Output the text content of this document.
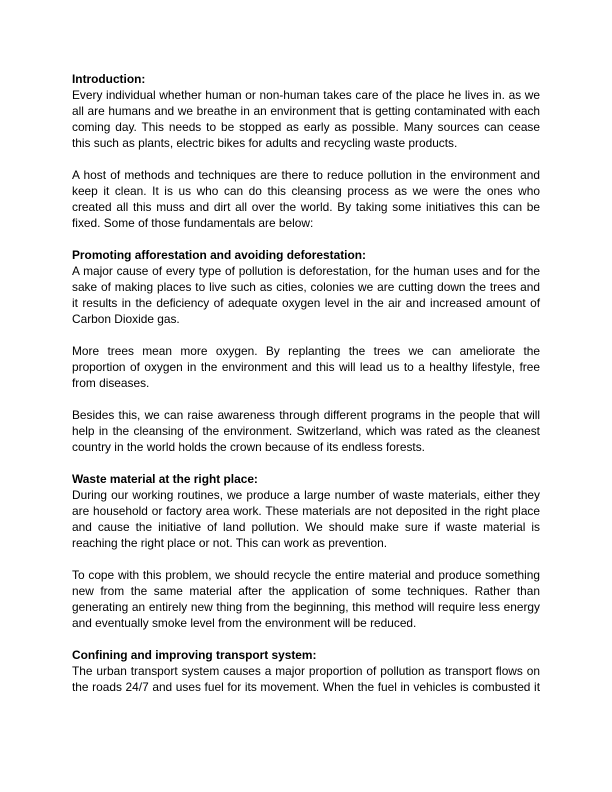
Introduction:
Every individual whether human or non-human takes care of the place he lives in. as we
all are humans and we breathe in an environment that is getting contaminated with each
coming day. This needs to be stopped as early as possible. Many sources can cease
this such as plants, electric bikes for adults and recycling waste products.
A host of methods and techniques are there to reduce pollution in the environment and
keep it clean. It is us who can do this cleansing process as we were the ones who
created all this muss and dirt all over the world. By taking some initiatives this can be
fixed. Some of those fundamentals are below:
Promoting afforestation and avoiding deforestation:
A major cause of every type of pollution is deforestation, for the human uses and for the
sake of making places to live such as cities, colonies we are cutting down the trees and
it results in the deficiency of adequate oxygen level in the air and increased amount of
Carbon Dioxide gas.
More trees mean more oxygen. By replanting the trees we can ameliorate the
proportion of oxygen in the environment and this will lead us to a healthy lifestyle, free
from diseases.
Besides this, we can raise awareness through different programs in the people that will
help in the cleansing of the environment. Switzerland, which was rated as the cleanest
country in the world holds the crown because of its endless forests.
Waste material at the right place:
During our working routines, we produce a large number of waste materials, either they
are household or factory area work. These materials are not deposited in the right place
and cause the initiative of land pollution. We should make sure if waste material is
reaching the right place or not. This can work as prevention.
To cope with this problem, we should recycle the entire material and produce something
new from the same material after the application of some techniques. Rather than
generating an entirely new thing from the beginning, this method will require less energy
and eventually smoke level from the environment will be reduced.
Confining and improving transport system:
The urban transport system causes a major proportion of pollution as transport flows on
the roads 24/7 and uses fuel for its movement. When the fuel in vehicles is combusted it
